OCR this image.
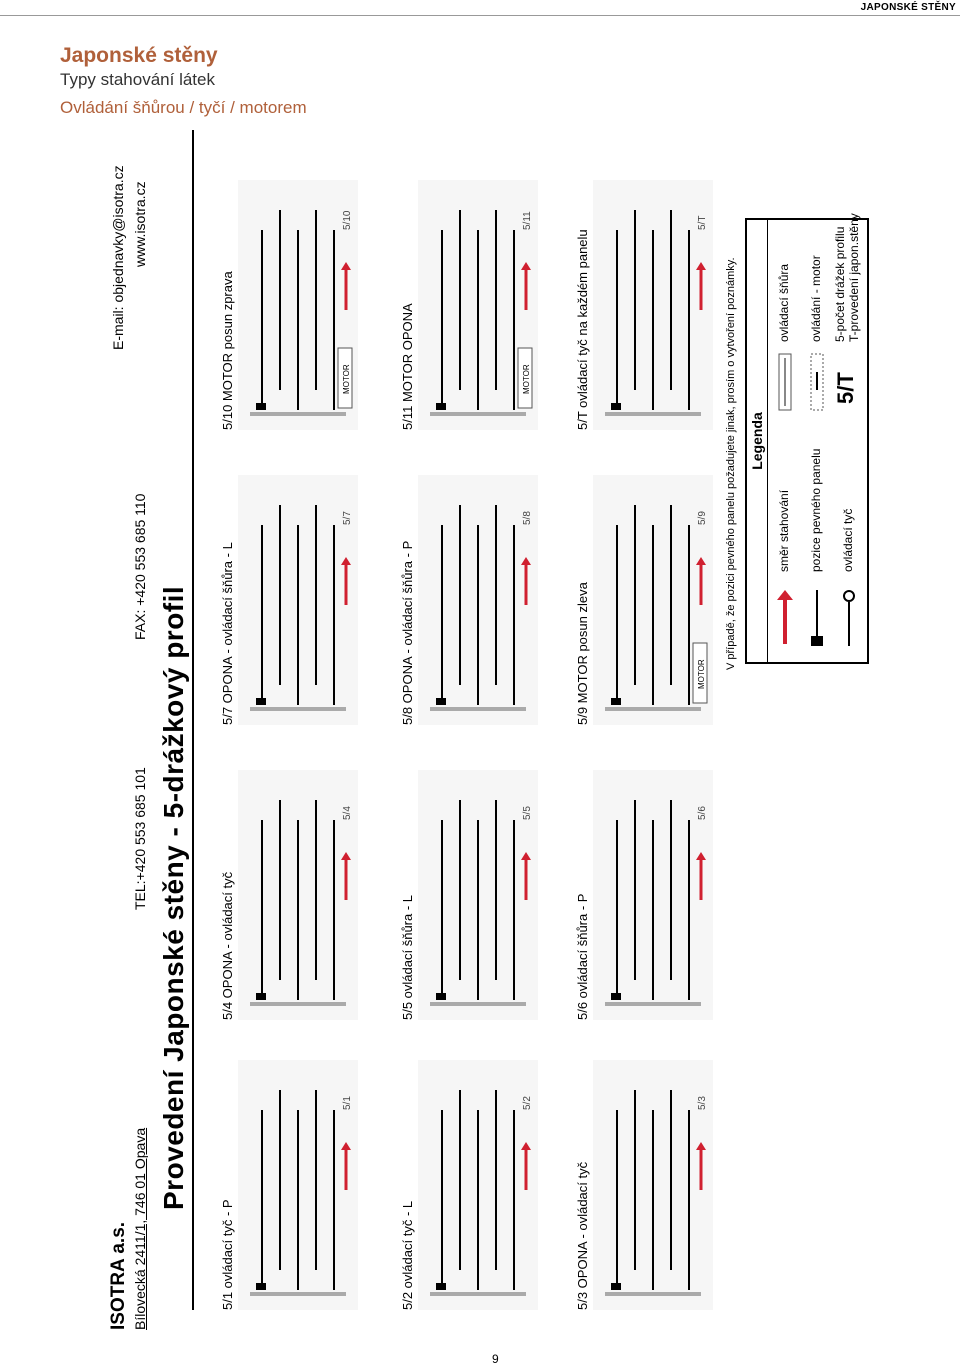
JAPONSKÉ STĚNY
Japonské stěny
Typy stahování látek
Ovládání šňůrou / tyčí / motorem
9
ISOTRA a.s. Bílovecká 2411/1, 746 01 Opava
TEL:+420 553 685 101
FAX: +420 553 685 110
E-mail: objednavky@isotra.cz www.isotra.cz
Provedení Japonské stěny - 5-drážkový profil
5/1 ovládací tyč - P
5/1
5/4 OPONA - ovládací tyč
5/4
5/7 OPONA - ovládací šňůra - L
5/7
5/10 MOTOR posun zprava
5/10
MOTOR
5/2 ovládací tyč - L
5/2
5/5 ovládací šňůra - L
5/5
5/8 OPONA - ovládací šňůra - P
5/8
5/11 MOTOR OPONA
5/11
MOTOR
5/3 OPONA - ovládací tyč
5/3
5/6 ovládací šňůra - P
5/6
5/9 MOTOR posun zleva
5/9
MOTOR
5/T ovládací tyč na každém panelu
5/T
V případě, že pozici pevného panelu požadujete jinak, prosím o vytvoření poznámky. Legenda
směr stahování
ovládací šňůra
pozice pevného panelu
ovládání - motor
ovládací tyč
5/T
5-počet drážek profilu T-provedení japon.stěny
